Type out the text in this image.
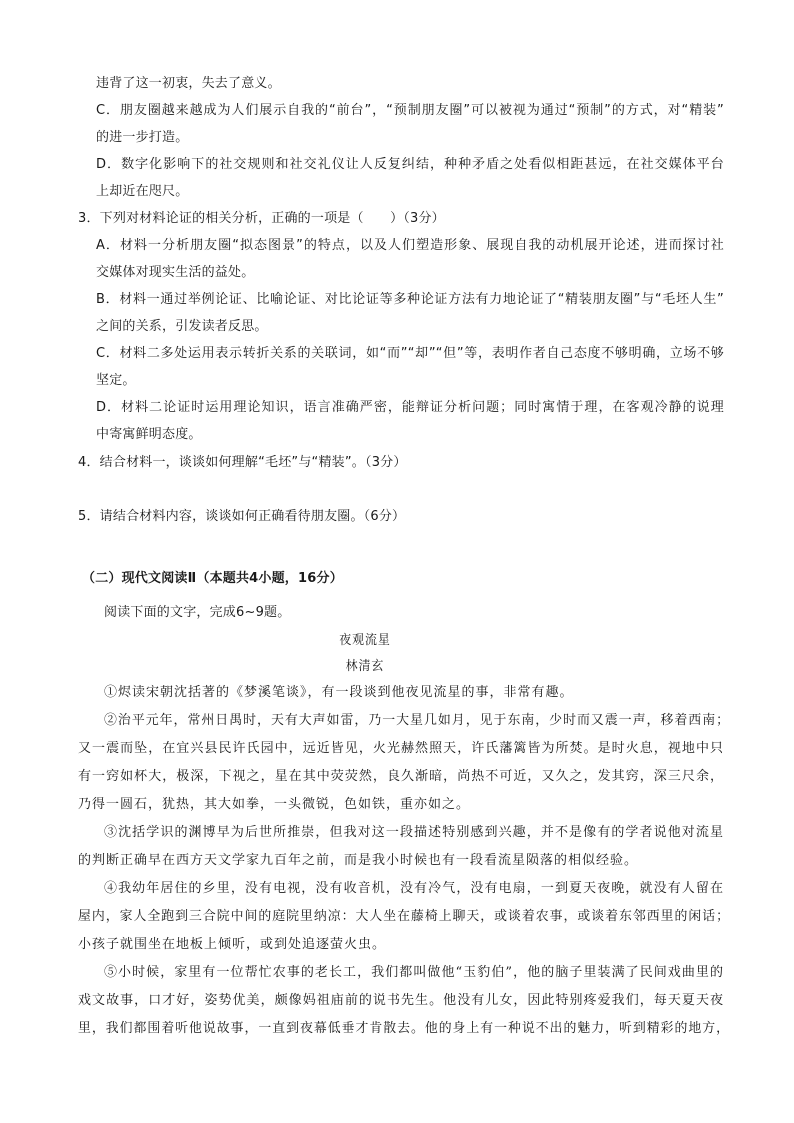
违背了这一初衷，失去了意义。
C．朋友圈越来越成为人们展示自我的“前台”，“预制朋友圈”可以被视为通过“预制”的方式，对“精装”
的进一步打造。
D．数字化影响下的社交规则和社交礼仪让人反复纠结，种种矛盾之处看似相距甚远，在社交媒体平台
上却近在咫尺。
3．下列对材料论证的相关分析，正确的一项是（　　）（3分）
A．材料一分析朋友圈“拟态图景”的特点，以及人们塑造形象、展现自我的动机展开论述，进而探讨社
交媒体对现实生活的益处。
B．材料一通过举例论证、比喻论证、对比论证等多种论证方法有力地论证了“精装朋友圈”与“毛坯人生”
之间的关系，引发读者反思。
C．材料二多处运用表示转折关系的关联词，如“而”“却”“但”等，表明作者自己态度不够明确，立场不够
坚定。
D．材料二论证时运用理论知识，语言准确严密，能辩证分析问题；同时寓情于理，在客观冷静的说理
中寄寓鲜明态度。
4．结合材料一，谈谈如何理解“毛坯”与“精装”。（3分）
5．请结合材料内容，谈谈如何正确看待朋友圈。（6分）
（二）现代文阅读Ⅱ（本题共4小题，16分）
阅读下面的文字，完成6~9题。
夜观流星
林清玄
①烬读宋朝沈括著的《梦溪笔谈》，有一段谈到他夜见流星的事，非常有趣。
②治平元年，常州日禺时，天有大声如雷，乃一大星几如月，见于东南，少时而又震一声，移着西南；
又一震而坠，在宜兴县民许氏园中，远近皆见，火光赫然照天，许氏藩篱皆为所焚。是时火息，视地中只
有一窍如杯大，极深，下视之，星在其中荧荧然，良久渐暗，尚热不可近，又久之，发其窍，深三尺余，
乃得一圆石，犹热，其大如拳，一头微锐，色如铁，重亦如之。
③沈括学识的渊博早为后世所推崇，但我对这一段描述特别感到兴趣，并不是像有的学者说他对流星
的判断正确早在西方天文学家九百年之前，而是我小时候也有一段看流星陨落的相似经验。
④我幼年居住的乡里，没有电视，没有收音机，没有冷气，没有电扇，一到夏天夜晚，就没有人留在
屋内，家人全跑到三合院中间的庭院里纳凉：大人坐在藤椅上聊天，或谈着农事，或谈着东邻西里的闲话；
小孩子就围坐在地板上倾听，或到处追逐萤火虫。
⑤小时候，家里有一位帮忙农事的老长工，我们都叫做他“玉豹伯”，他的脑子里装满了民间戏曲里的
戏文故事，口才好，姿势优美，颇像妈祖庙前的说书先生。他没有儿女，因此特别疼爱我们，每天夏天夜
里，我们都围着听他说故事，一直到夜幕低垂才肯散去。他的身上有一种说不出的魅力，听到精彩的地方，
